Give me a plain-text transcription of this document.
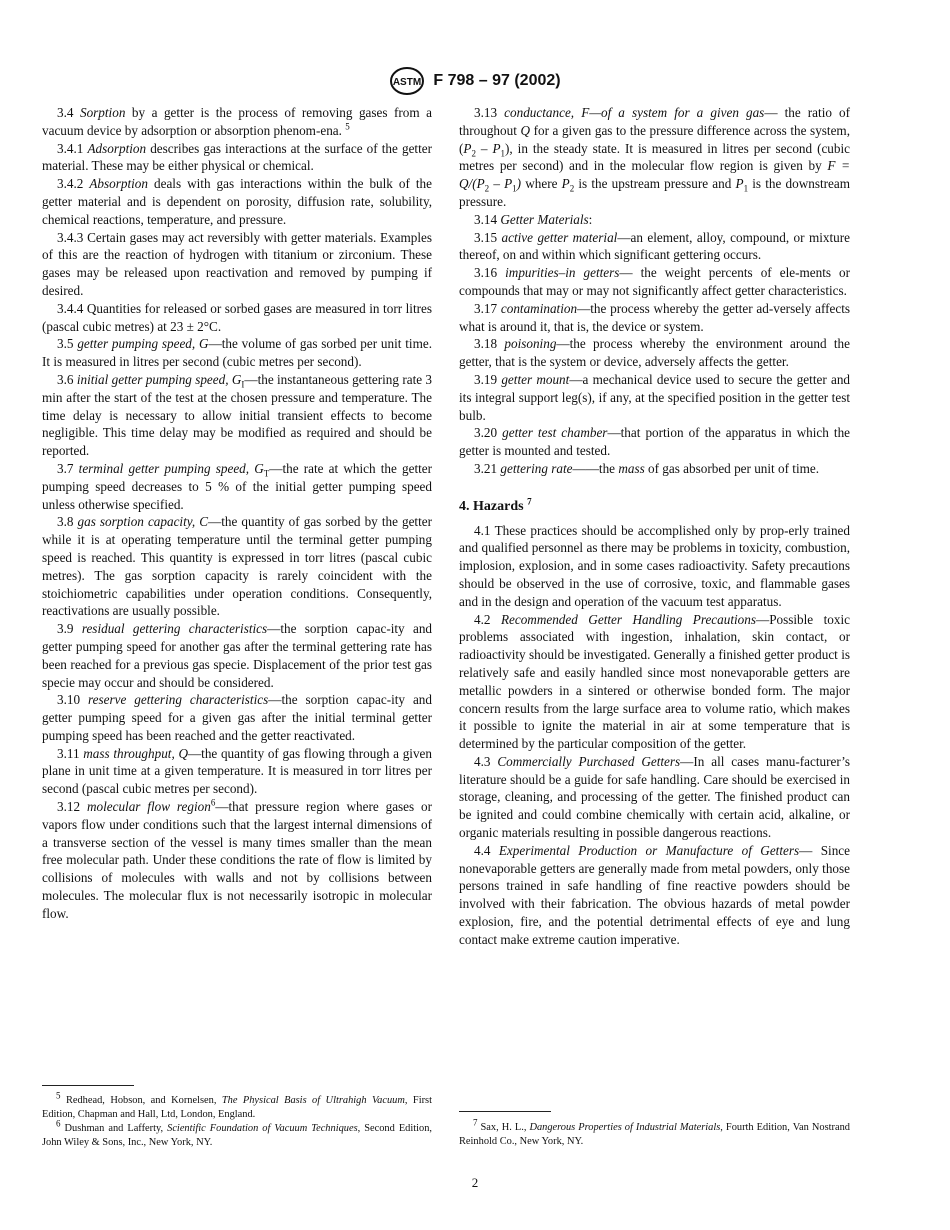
ASTM F 798 – 97 (2002)

3.4 Sorption by a getter is the process of removing gases from a vacuum device by adsorption or absorption phenom-ena. $^5$

3.4.1 Adsorption describes gas interactions at the surface of the getter material. These may be either physical or chemical.

3.4.2 Absorption deals with gas interactions within the bulk of the getter material and is dependent on porosity, diffusion rate, solubility, chemical reactions, temperature, and pressure.

3.4.3 Certain gases may act reversibly with getter materials. Examples of this are the reaction of hydrogen with titanium or zirconium. These gases may be released upon reactivation and removed by pumping if desired.

3.4.4 Quantities for released or sorbed gases are measured in torr litres (pascal cubic metres) at 23 ± 2°C.

3.5 getter pumping speed, G—the volume of gas sorbed per unit time. It is measured in litres per second (cubic metres per second).

3.6 initial getter pumping speed, $G_I—the$ instantaneous gettering rate 3 min after the start of the test at the chosen pressure and temperature. The time delay is necessary to allow initial transient effects to become negligible. This time delay may be modified as required and should be reported.

3.7 terminal getter pumping speed, $G_T—the$ rate at which the getter pumping speed decreases to 5 % of the initial getter pumping speed unless otherwise specified.

3.8 gas sorption capacity, C—the quantity of gas sorbed by the getter while it is at operating temperature until the terminal getter pumping speed is reached. This quantity is expressed in torr litres (pascal cubic metres). The gas sorption capacity is rarely coincident with the stoichiometric capabilities under operation conditions. Consequently, reactivations are usually possible.

3.9 residual gettering characteristics—the sorption capac-ity and getter pumping speed for another gas after the terminal gettering rate has been reached for a previous gas specie. Displacement of the prior test gas specie may occur and should be considered.

3.10 reserve gettering characteristics—the sorption capac-ity and getter pumping speed for a given gas after the initial terminal getter pumping speed has been reached and the getter reactivated.

3.11 mass throughput, Q—the quantity of gas flowing through a given plane in unit time at a given temperature. It is measured in torr litres per second (pascal cubic metres per second).

3.12 molecular flow region$^6$—that pressure region where gases or vapors flow under conditions such that the largest internal dimensions of a transverse section of the vessel is many times smaller than the mean free molecular path. Under these conditions the rate of flow is limited by collisions of molecules with walls and not by collisions between molecules. The molecular flux is not necessarily isotropic in molecular flow.

3.13 conductance, F—of a system for a given gas— the ratio of throughout Q for a given gas to the pressure difference across the system, $(P_2 - P_1)$, in the steady state. It is measured in litres per second (cubic metres per second) and in the molecular flow region is given by $F = Q/(P_2 - P_1)$ where $P_2$ is the upstream pressure and $P_1$ is the downstream pressure.

3.14 Getter Materials:

3.15 active getter material—an element, alloy, compound, or mixture thereof, on and within which significant gettering occurs.

3.16 impurities–in getters— the weight percents of ele-ments or compounds that may or may not significantly affect getter characteristics.

3.17 contamination—the process whereby the getter ad-versely affects what is around it, that is, the device or system.

3.18 poisoning—the process whereby the environment around the getter, that is the system or device, adversely affects the getter.

3.19 getter mount—a mechanical device used to secure the getter and its integral support leg(s), if any, at the specified position in the getter test bulb.

3.20 getter test chamber—that portion of the apparatus in which the getter is mounted and tested.

3.21 gettering rate——the mass of gas absorbed per unit of time.

4. Hazards $^7$

4.1 These practices should be accomplished only by prop-erly trained and qualified personnel as there may be problems in toxicity, combustion, implosion, explosion, and in some cases radioactivity. Safety precautions should be observed in the use of corrosive, toxic, and flammable gases and in the design and operation of the vacuum test apparatus.

4.2 Recommended Getter Handling Precautions—Possible toxic problems associated with ingestion, inhalation, skin contact, or radioactivity should be investigated. Generally a finished getter product is relatively safe and easily handled since most nonevaporable getters are metallic powders in a sintered or otherwise bonded form. The major concern results from the large surface area to volume ratio, which makes it possible to ignite the material in air at some temperature that is determined by the particular composition of the getter.

4.3 Commercially Purchased Getters—In all cases manu-facturer’s literature should be a guide for safe handling. Care should be exercised in storage, cleaning, and processing of the getter. The finished product can be ignited and could combine chemically with certain acid, alkaline, or organic materials resulting in possible dangerous reactions.

4.4 Experimental Production or Manufacture of Getters— Since nonevaporable getters are generally made from metal powders, only those persons trained in safe handling of fine reactive powders should be involved with their fabrication. The obvious hazards of metal powder explosion, fire, and the potential detrimental effects of eye and lung contact make extreme caution imperative.

$^5$ Redhead, Hobson, and Kornelsen, The Physical Basis of Ultrahigh Vacuum, First Edition, Chapman and Hall, Ltd, London, England.

$^6$ Dushman and Lafferty, Scientific Foundation of Vacuum Techniques, Second Edition, John Wiley & Sons, Inc., New York, NY.

$^7$ Sax, H. L., Dangerous Properties of Industrial Materials, Fourth Edition, Van Nostrand Reinhold Co., New York, NY.

2
